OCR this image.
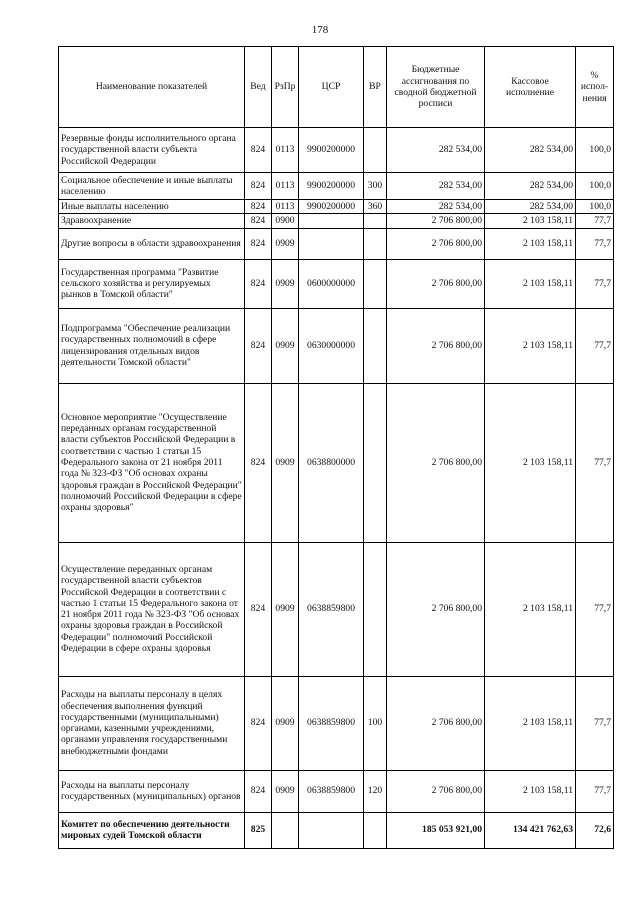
178
Наименование показателей	Вед	РзПр	ЦСР	ВР	Бюджетные ассигнования по сводной бюджетной росписи	Кассовое исполнение	% испол-нения
Резервные фонды исполнительного органа государственной власти субъекта Российской Федерации	824	0113	9900200000		282 534,00	282 534,00	100,0
Социальное обеспечение и иные выплаты населению	824	0113	9900200000	300	282 534,00	282 534,00	100,0
Иные выплаты населению	824	0113	9900200000	360	282 534,00	282 534,00	100,0
Здравоохранение	824	0900			2 706 800,00	2 103 158,11	77,7
Другие вопросы в области здравоохранения	824	0909			2 706 800,00	2 103 158,11	77,7
Государственная программа "Развитие сельского хозяйства и регулируемых рынков в Томской области"	824	0909	0600000000		2 706 800,00	2 103 158,11	77,7
Подпрограмма "Обеспечение реализации государственных полномочий в сфере лицензирования отдельных видов деятельности Томской области"	824	0909	0630000000		2 706 800,00	2 103 158,11	77,7
Основное мероприятие "Осуществление переданных органам государственной власти субъектов Российской Федерации в соответствии с частью 1 статьи 15 Федерального закона от 21 ноября 2011 года № 323-ФЗ "Об основах охраны здоровья граждан в Российской Федерации" полномочий Российской Федерации в сфере охраны здоровья"	824	0909	0638800000		2 706 800,00	2 103 158,11	77,7
Осуществление переданных органам государственной власти субъектов Российской Федерации в соответствии с частью 1 статьи 15 Федерального закона от 21 ноября 2011 года № 323-ФЗ "Об основах охраны здоровья граждан в Российской Федерации" полномочий Российской Федерации в сфере охраны здоровья	824	0909	0638859800		2 706 800,00	2 103 158,11	77,7
Расходы на выплаты персоналу в целях обеспечения выполнения функций государственными (муниципальными) органами, казенными учреждениями, органами управления государственными внебюджетными фондами	824	0909	0638859800	100	2 706 800,00	2 103 158,11	77,7
Расходы на выплаты персоналу государственных (муниципальных) органов	824	0909	0638859800	120	2 706 800,00	2 103 158,11	77,7
Комитет по обеспечению деятельности мировых судей Томской области	825				185 053 921,00	134 421 762,63	72,6
